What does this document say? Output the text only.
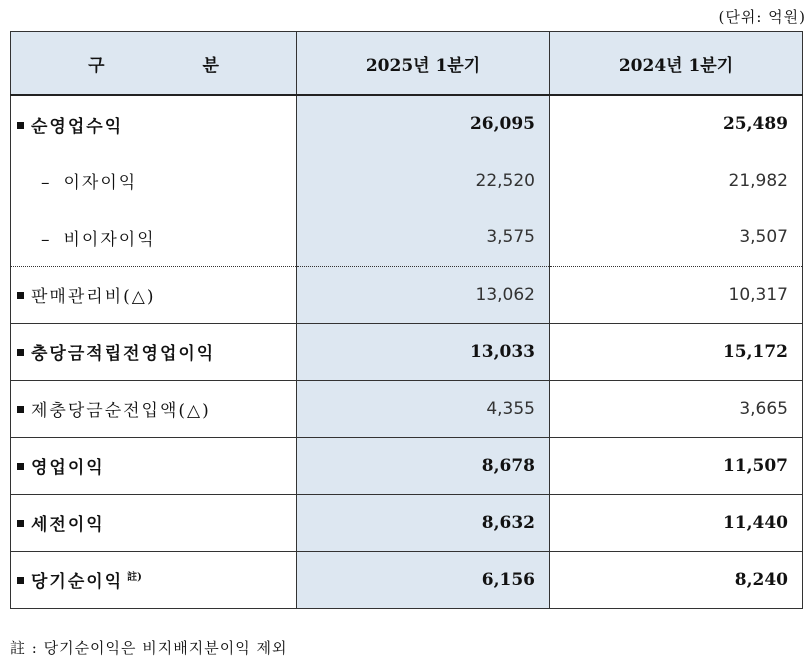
(단위: 억원)
구 분	2025년 1분기	2024년 1분기
순영업수익	26,095	25,489
– 이자이익	22,520	21,982
– 비이자이익	3,575	3,507
판매관리비(△)	13,062	10,317
충당금적립전영업이익	13,033	15,172
제충당금순전입액(△)	4,355	3,665
영업이익	8,678	11,507
세전이익	8,632	11,440
당기순이익 $^{註)}$	6,156	8,240
註 : 당기순이익은 비지배지분이익 제외
